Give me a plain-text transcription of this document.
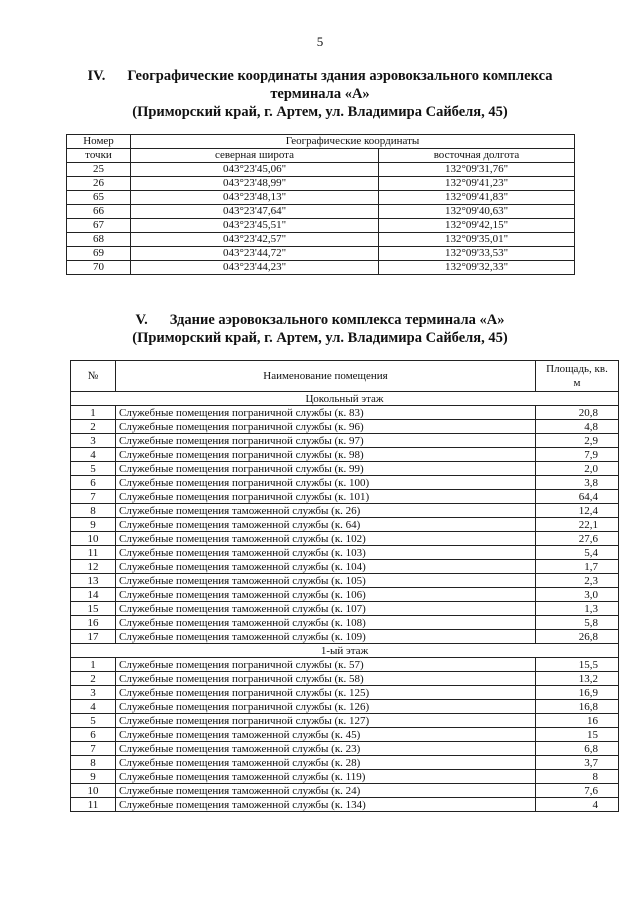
5
IV. Географические координаты здания аэровокзального комплекса
терминала «А»
(Приморский край, г. Артем, ул. Владимира Сайбеля, 45)
Номер	Географические координаты	
точки	северная широта	восточная долгота
25	043°23'45,06"	132°09'31,76"
26	043°23'48,99"	132°09'41,23"
65	043°23'48,13"	132°09'41,83"
66	043°23'47,64"	132°09'40,63"
67	043°23'45,51"	132°09'42,15"
68	043°23'42,57"	132°09'35,01"
69	043°23'44,72"	132°09'33,53"
70	043°23'44,23"	132°09'32,33"
V. Здание аэровокзального комплекса терминала «А»
(Приморский край, г. Артем, ул. Владимира Сайбеля, 45)
№	Наименование помещения	Площадь, кв.
м
Цокольный этаж		
1	Служебные помещения пограничной службы (к. 83)	20,8
2	Служебные помещения пограничной службы (к. 96)	4,8
3	Служебные помещения пограничной службы (к. 97)	2,9
4	Служебные помещения пограничной службы (к. 98)	7,9
5	Служебные помещения пограничной службы (к. 99)	2,0
6	Служебные помещения пограничной службы (к. 100)	3,8
7	Служебные помещения пограничной службы (к. 101)	64,4
8	Служебные помещения таможенной службы (к. 26)	12,4
9	Служебные помещения таможенной службы (к. 64)	22,1
10	Служебные помещения таможенной службы (к. 102)	27,6
11	Служебные помещения таможенной службы (к. 103)	5,4
12	Служебные помещения таможенной службы (к. 104)	1,7
13	Служебные помещения таможенной службы (к. 105)	2,3
14	Служебные помещения таможенной службы (к. 106)	3,0
15	Служебные помещения таможенной службы (к. 107)	1,3
16	Служебные помещения таможенной службы (к. 108)	5,8
17	Служебные помещения таможенной службы (к. 109)	26,8
1-ый этаж		
1	Служебные помещения пограничной службы (к. 57)	15,5
2	Служебные помещения пограничной службы (к. 58)	13,2
3	Служебные помещения пограничной службы (к. 125)	16,9
4	Служебные помещения пограничной службы (к. 126)	16,8
5	Служебные помещения пограничной службы (к. 127)	16
6	Служебные помещения таможенной службы (к. 45)	15
7	Служебные помещения таможенной службы (к. 23)	6,8
8	Служебные помещения таможенной службы (к. 28)	3,7
9	Служебные помещения таможенной службы (к. 119)	8
10	Служебные помещения таможенной службы (к. 24)	7,6
11	Служебные помещения таможенной службы (к. 134)	4
